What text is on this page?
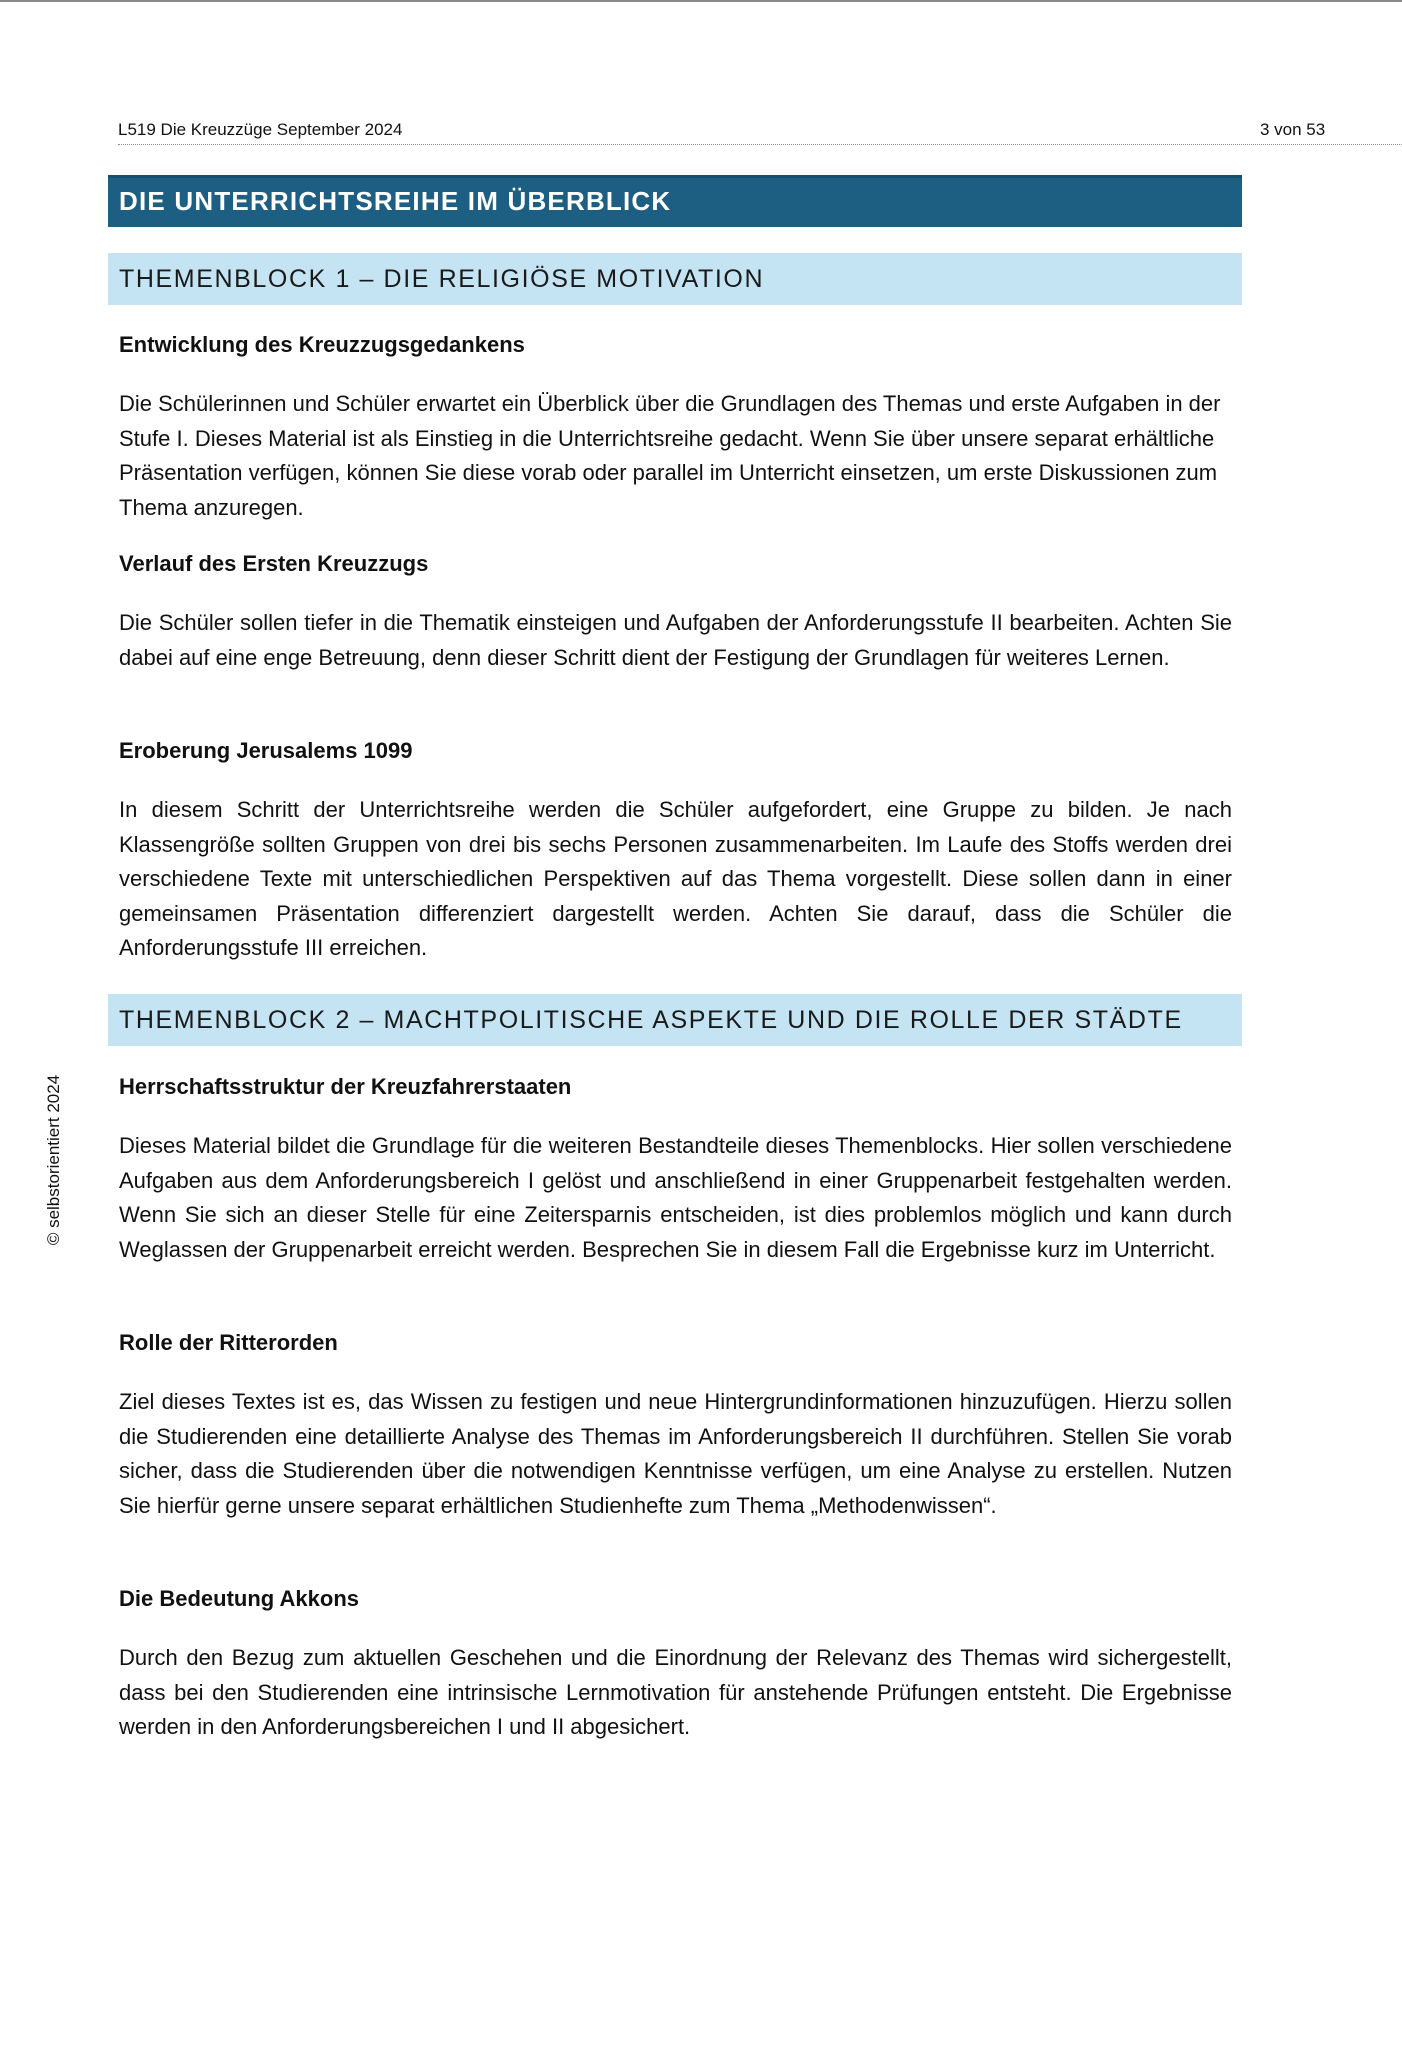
L519 Die Kreuzzüge September 2024	3 von 53
© selbstorientiert 2024
DIE UNTERRICHTSREIHE IM ÜBERBLICK
THEMENBLOCK 1 – DIE RELIGIÖSE MOTIVATION

Entwicklung des Kreuzzugsgedankens

Die Schülerinnen und Schüler erwartet ein Überblick über die Grundlagen des Themas und erste Aufgaben in der Stufe I. Dieses Material ist als Einstieg in die Unterrichtsreihe gedacht. Wenn Sie über unsere separat erhältliche Präsentation verfügen, können Sie diese vorab oder parallel im Unterricht einsetzen, um erste Diskussionen zum Thema anzuregen.

Verlauf des Ersten Kreuzzugs

Die Schüler sollen tiefer in die Thematik einsteigen und Aufgaben der Anforderungsstufe II bearbeiten. Achten Sie dabei auf eine enge Betreuung, denn dieser Schritt dient der Festigung der Grundlagen für weiteres Lernen.

Eroberung Jerusalems 1099

In diesem Schritt der Unterrichtsreihe werden die Schüler aufgefordert, eine Gruppe zu bilden. Je nach Klassengröße sollten Gruppen von drei bis sechs Personen zusammenarbeiten. Im Laufe des Stoffs werden drei verschiedene Texte mit unterschiedlichen Perspektiven auf das Thema vorgestellt. Diese sollen dann in einer gemeinsamen Präsentation differenziert dargestellt werden. Achten Sie darauf, dass die Schüler die Anforderungsstufe III erreichen.

THEMENBLOCK 2 – MACHTPOLITISCHE ASPEKTE UND DIE ROLLE DER STÄDTE

Herrschaftsstruktur der Kreuzfahrerstaaten

Dieses Material bildet die Grundlage für die weiteren Bestandteile dieses Themenblocks. Hier sollen verschiedene Aufgaben aus dem Anforderungsbereich I gelöst und anschließend in einer Gruppenarbeit festgehalten werden. Wenn Sie sich an dieser Stelle für eine Zeitersparnis entscheiden, ist dies problemlos möglich und kann durch Weglassen der Gruppenarbeit erreicht werden. Besprechen Sie in diesem Fall die Ergebnisse kurz im Unterricht.

Rolle der Ritterorden

Ziel dieses Textes ist es, das Wissen zu festigen und neue Hintergrundinformationen hinzuzufügen. Hierzu sollen die Studierenden eine detaillierte Analyse des Themas im Anforderungsbereich II durchführen. Stellen Sie vorab sicher, dass die Studierenden über die notwendigen Kenntnisse verfügen, um eine Analyse zu erstellen. Nutzen Sie hierfür gerne unsere separat erhältlichen Studienhefte zum Thema „Methodenwissen“.

Die Bedeutung Akkons

Durch den Bezug zum aktuellen Geschehen und die Einordnung der Relevanz des Themas wird sichergestellt, dass bei den Studierenden eine intrinsische Lernmotivation für anstehende Prüfungen entsteht. Die Ergebnisse werden in den Anforderungsbereichen I und II abgesichert.
